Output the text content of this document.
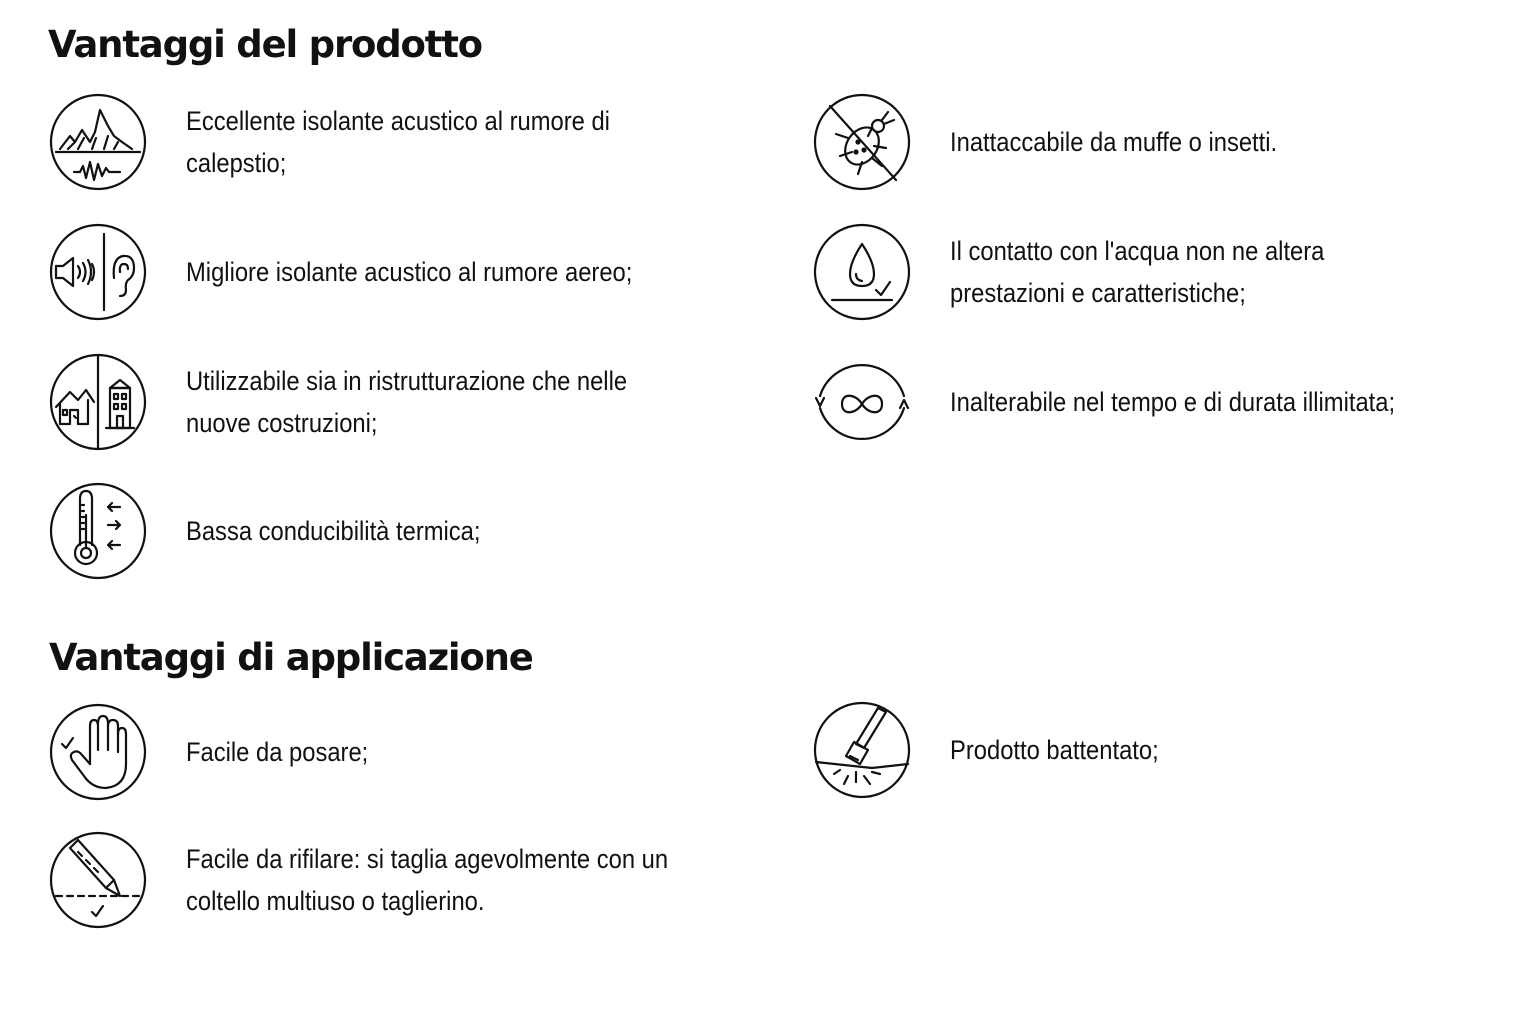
Vantaggi del prodotto
Eccellente isolante acustico al rumore di
calepstio;
Migliore isolante acustico al rumore aereo;
Utilizzabile sia in ristrutturazione che nelle
nuove costruzioni;
Bassa conducibilità termica;
Inattaccabile da muffe o insetti.
Il contatto con l'acqua non ne altera
prestazioni e caratteristiche;
Inalterabile nel tempo e di durata illimitata;
Vantaggi di applicazione
Facile da posare;
Facile da rifilare: si taglia agevolmente con un
coltello multiuso o taglierino.
Prodotto battentato;
